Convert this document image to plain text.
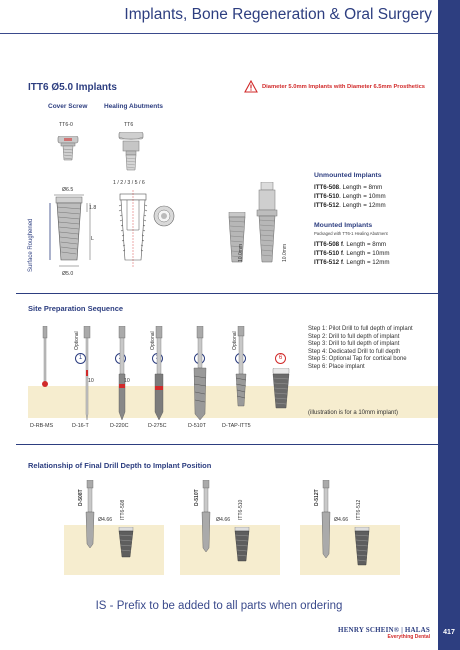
Implants, Bone Regeneration & Oral Surgery
417
ITT6 Ø5.0 Implants	Diameter 5.0mm Implants with Diameter 6.5mm Prosthetics
Cover Screw	Healing Abutments
TT6-0	TT6
1 / 2 / 3 / 5 / 6
Ø6.5
1.8
L
Ø5.0
Surface Roughened	10.0mm	10.0mm
Unmounted Implants
ITT6-508. Length = 8mm
ITT6-510. Length = 10mm
ITT6-512. Length = 12mm
Mounted Implants
Packaged with TT6-1 Healing Abutment
ITT6-508 f. Length = 8mm
ITT6-510 f. Length = 10mm
ITT6-512 f. Length = 12mm
Site Preparation Sequence
Step 1: Pilot Drill to full depth of implant
Step 2: Drill to full depth of implant
Step 3: Drill to full depth of implant
Step 4: Dedicated Drill to full depth
Step 5: Optional Tap for cortical bone
Step 6: Place implant
(illustration is for a 10mm implant)
Optional	Optional	Optional
1	6
10	10
D-RB-MS	D-16-T	D-220C	D-275C	D-510T	D-TAP-ITT5
Relationship of Final Drill Depth to Implant Position
D-508T
ITT6-508
Ø4.66
D-510T
ITT6-510
Ø4.66
D-512T
ITT6-512
Ø4.66
IS - Prefix to be added to all parts when ordering
HENRY SCHEIN® | HALAS
Everything Dental
